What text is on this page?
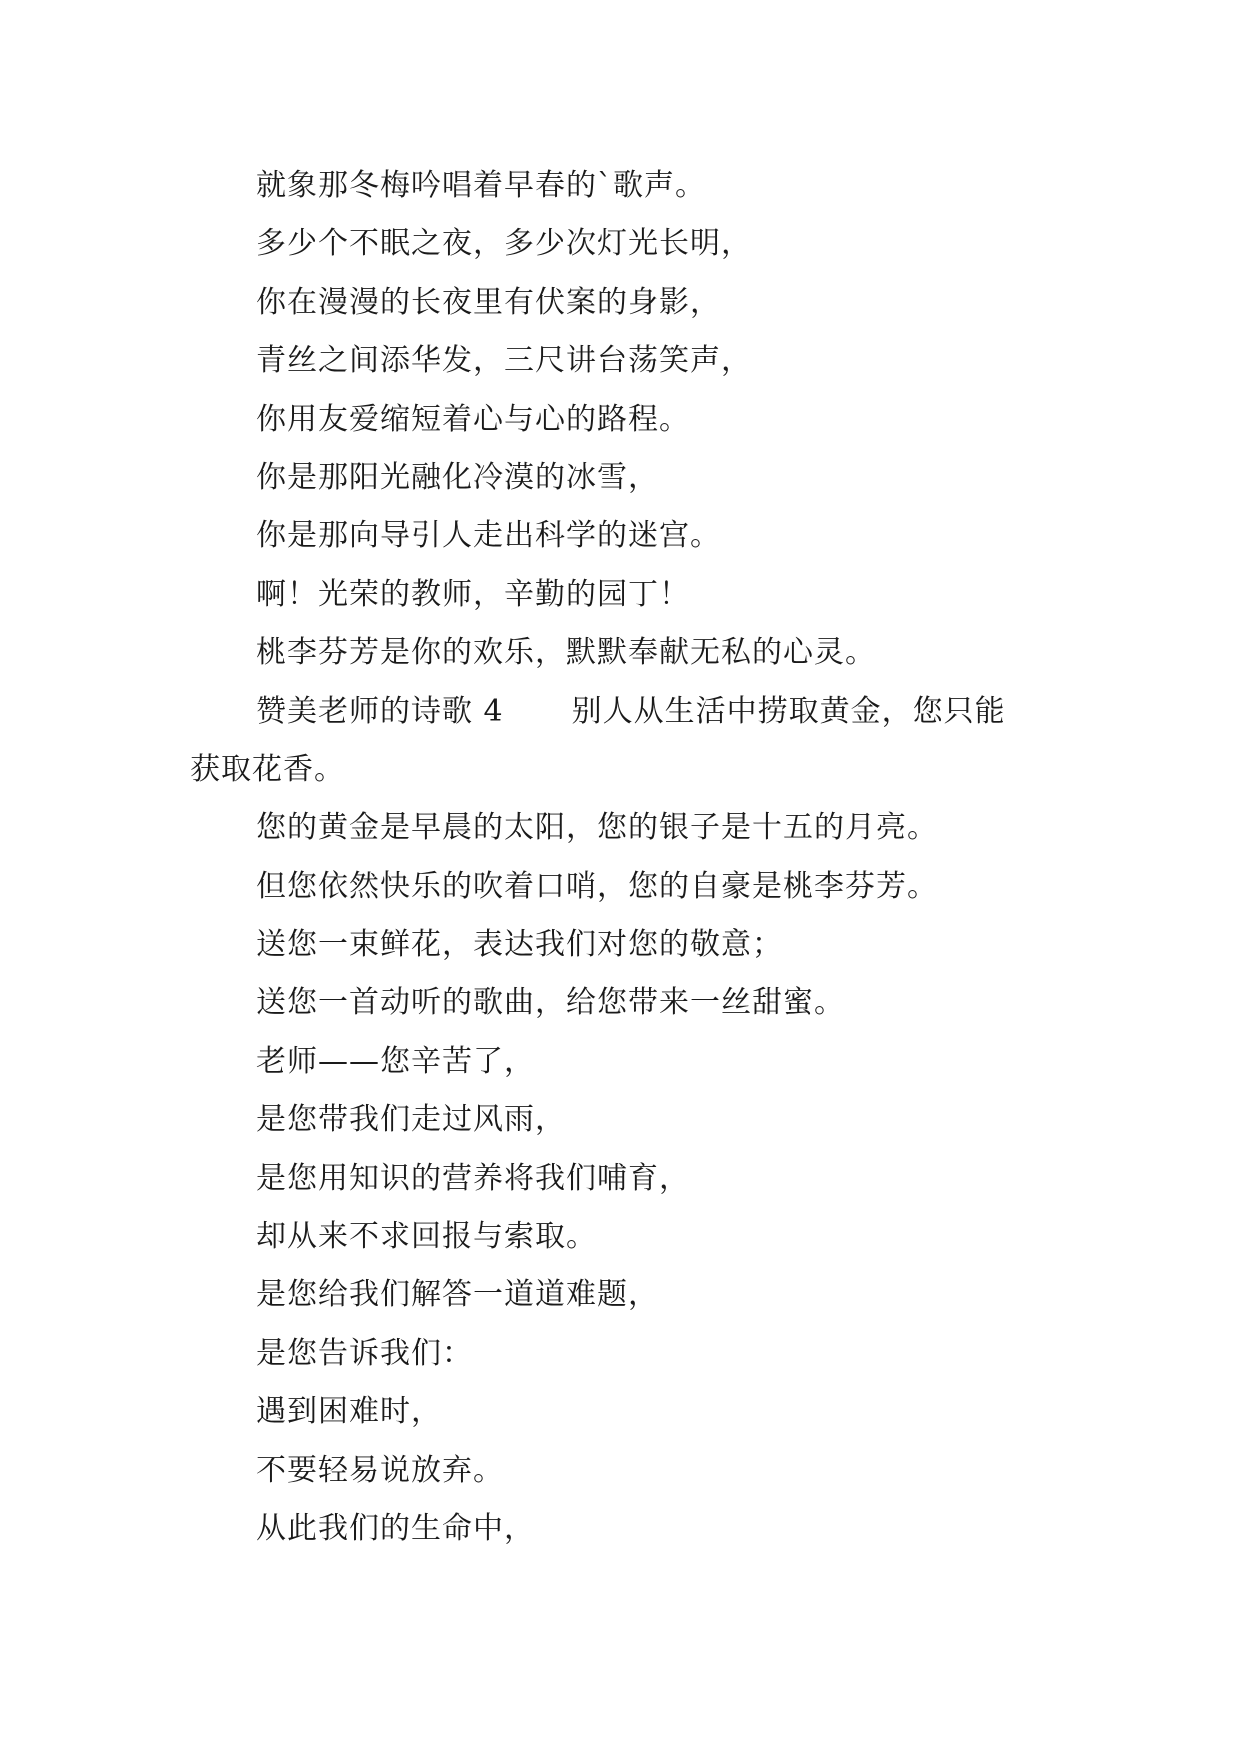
就象那冬梅吟唱着早春的`歌声。
多少个不眠之夜，多少次灯光长明，
你在漫漫的长夜里有伏案的身影，
青丝之间添华发，三尺讲台荡笑声，
你用友爱缩短着心与心的路程。
你是那阳光融化冷漠的冰雪，
你是那向导引人走出科学的迷宫。
啊！光荣的教师，辛勤的园丁！
桃李芬芳是你的欢乐，默默奉献无私的心灵。
赞美老师的诗歌 4 别人从生活中捞取黄金，您只能
获取花香。
您的黄金是早晨的太阳，您的银子是十五的月亮。
但您依然快乐的吹着口哨，您的自豪是桃李芬芳。
送您一束鲜花，表达我们对您的敬意；
送您一首动听的歌曲，给您带来一丝甜蜜。
老师——您辛苦了，
是您带我们走过风雨，
是您用知识的营养将我们哺育，
却从来不求回报与索取。
是您给我们解答一道道难题，
是您告诉我们：
遇到困难时，
不要轻易说放弃。
从此我们的生命中，
